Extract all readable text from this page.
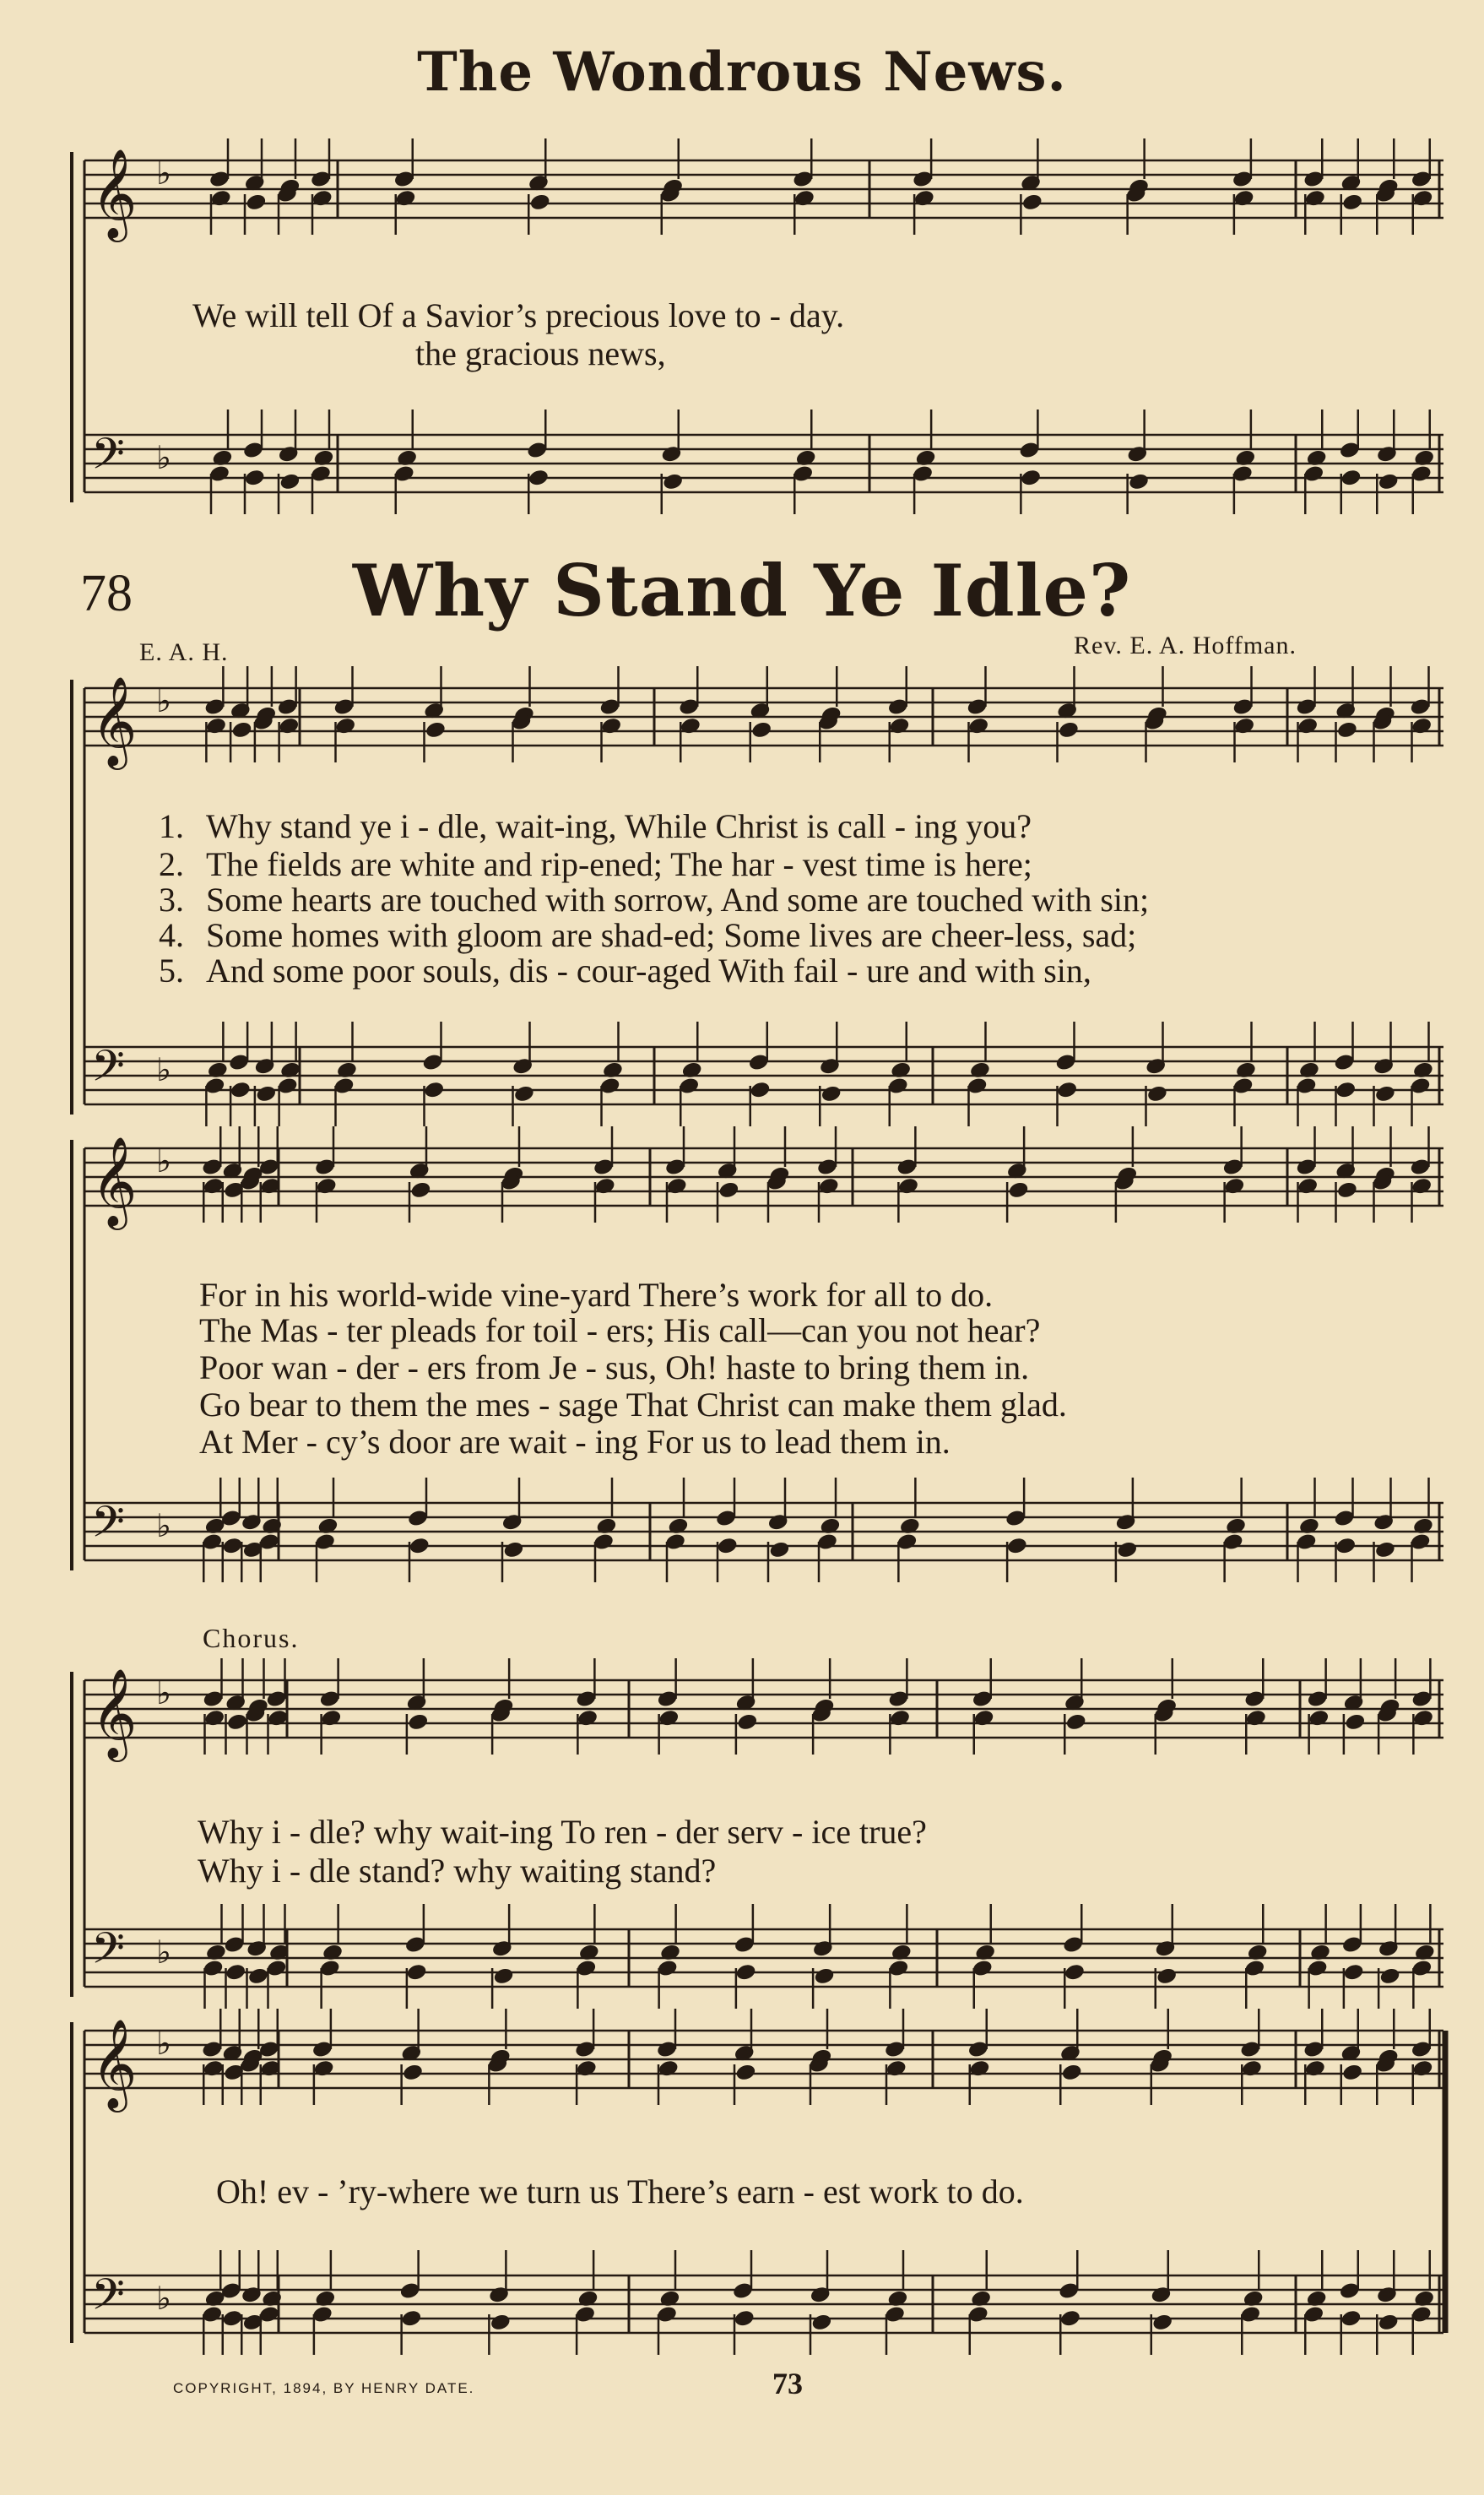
𝄞
𝄢
♭
♭
𝄞
𝄢
♭
♭
𝄞
𝄢
♭
♭
𝄞
𝄢
♭
♭
𝄞
𝄢
♭
♭
The Wondrous News.
We will tell Of a Savior’s precious love to - day.
the gracious news,
78	Why Stand Ye Idle?
E. A. H.	Rev. E. A. Hoffman.
1. Why stand ye i - dle, wait-ing, While Christ is call - ing you?
2. The fields are white and rip-ened; The har - vest time is here;
3. Some hearts are touched with sorrow, And some are touched with sin;
4. Some homes with gloom are shad-ed; Some lives are cheer-less, sad;
5. And some poor souls, dis - cour-aged With fail - ure and with sin,
For in his world-wide vine-yard There’s work for all to do.
The Mas - ter pleads for toil - ers; His call—can you not hear?
Poor wan - der - ers from Je - sus, Oh! haste to bring them in.
Go bear to them the mes - sage That Christ can make them glad.
At Mer - cy’s door are wait - ing For us to lead them in.
Chorus.
Why i - dle? why wait-ing To ren - der serv - ice true?
Why i - dle stand? why waiting stand?
Oh! ev - ’ry-where we turn us There’s earn - est work to do.
COPYRIGHT, 1894, BY HENRY DATE.	73
